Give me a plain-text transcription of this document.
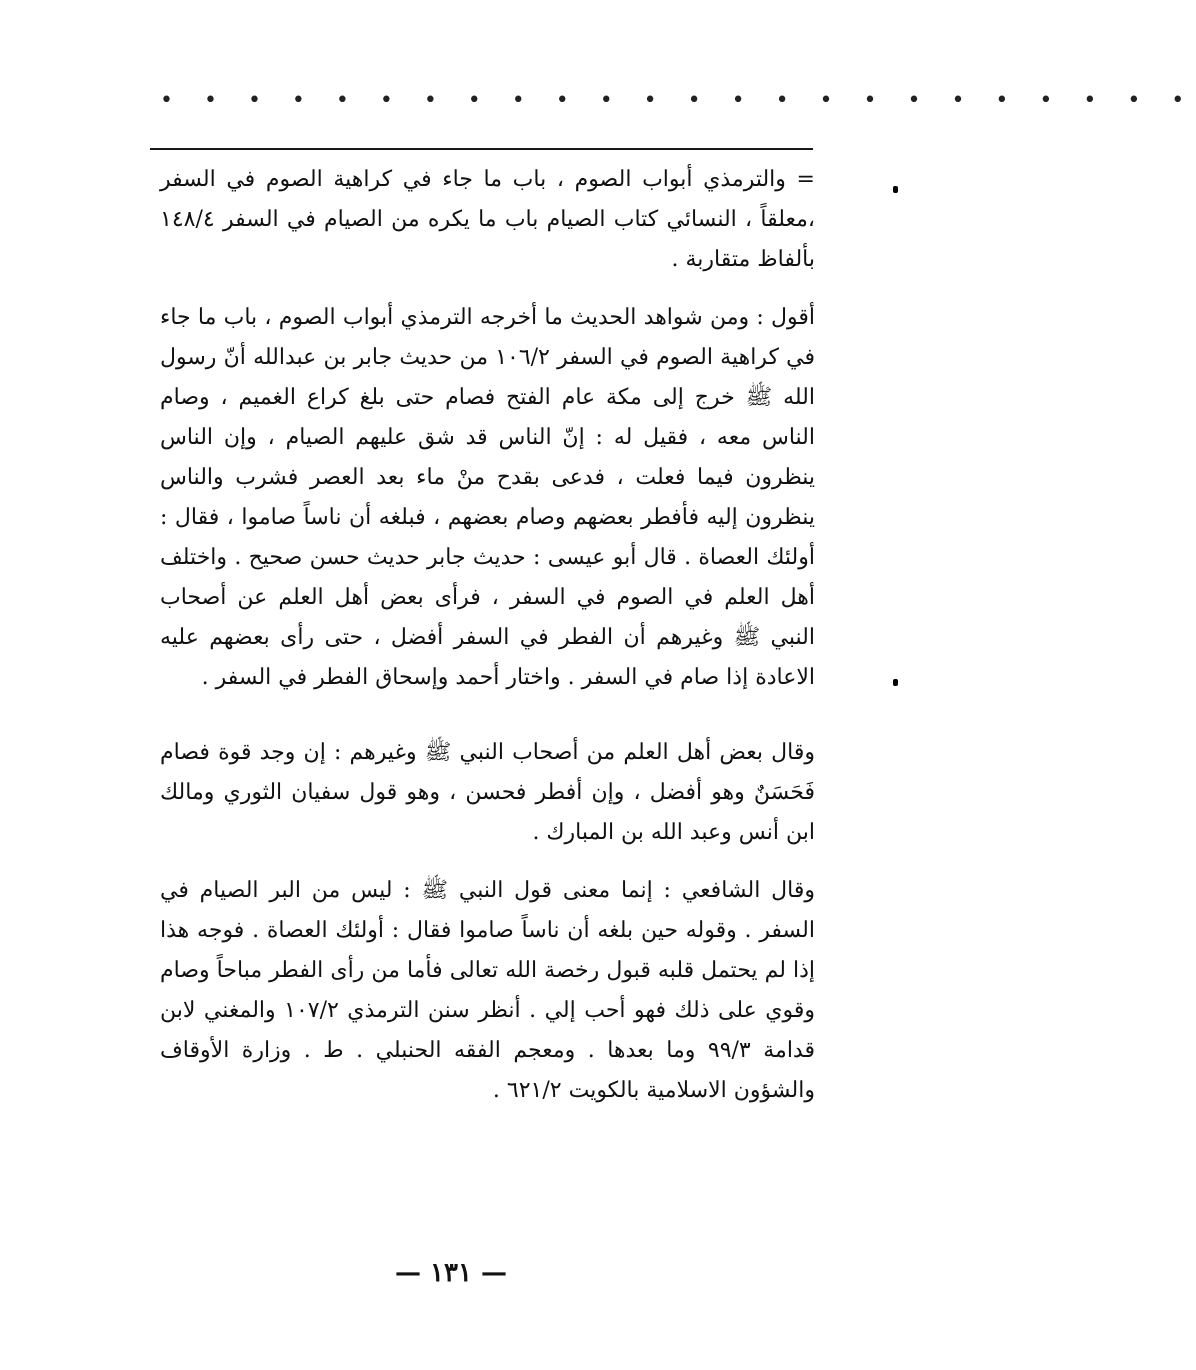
• • • • • • • • • • • • • • • • • • • • • • • •

= والترمذي أبواب الصوم ، باب ما جاء في كراهية الصوم في السفر ،معلقاً ، النسائي كتاب الصيام باب ما يكره من الصيام في السفر ١٤٨/٤ بألفاظ متقاربة .

أقول : ومن شواهد الحديث ما أخرجه الترمذي أبواب الصوم ، باب ما جاء في كراهية الصوم في السفر ١٠٦/٢ من حديث جابر بن عبدالله أنّ رسول الله ﷺ خرج إلى مكة عام الفتح فصام حتى بلغ كراع الغميم ، وصام الناس معه ، فقيل له : إنّ الناس قد شق عليهم الصيام ، وإن الناس ينظرون فيما فعلت ، فدعى بقدح منْ ماء بعد العصر فشرب والناس ينظرون إليه فأفطر بعضهم وصام بعضهم ، فبلغه أن ناساً صاموا ، فقال : أولئك العصاة . قال أبو عيسى : حديث جابر حديث حسن صحيح . واختلف أهل العلم في الصوم في السفر ، فرأى بعض أهل العلم عن أصحاب النبي ﷺ وغيرهم أن الفطر في السفر أفضل ، حتى رأى بعضهم عليه الاعادة إذا صام في السفر . واختار أحمد وإسحاق الفطر في السفر .

وقال بعض أهل العلم من أصحاب النبي ﷺ وغيرهم : إن وجد قوة فصام فَحَسَنٌ وهو أفضل ، وإن أفطر فحسن ، وهو قول سفيان الثوري ومالك ابن أنس وعبد الله بن المبارك .

وقال الشافعي : إنما معنى قول النبي ﷺ : ليس من البر الصيام في السفر . وقوله حين بلغه أن ناساً صاموا فقال : أولئك العصاة . فوجه هذا إذا لم يحتمل قلبه قبول رخصة الله تعالى فأما من رأى الفطر مباحاً وصام وقوي على ذلك فهو أحب إلي . أنظر سنن الترمذي ١٠٧/٢ والمغني لابن قدامة ٩٩/٣ وما بعدها . ومعجم الفقه الحنبلي . ط . وزارة الأوقاف والشؤون الاسلامية بالكويت ٦٢١/٢ .

— ١٣١ —
